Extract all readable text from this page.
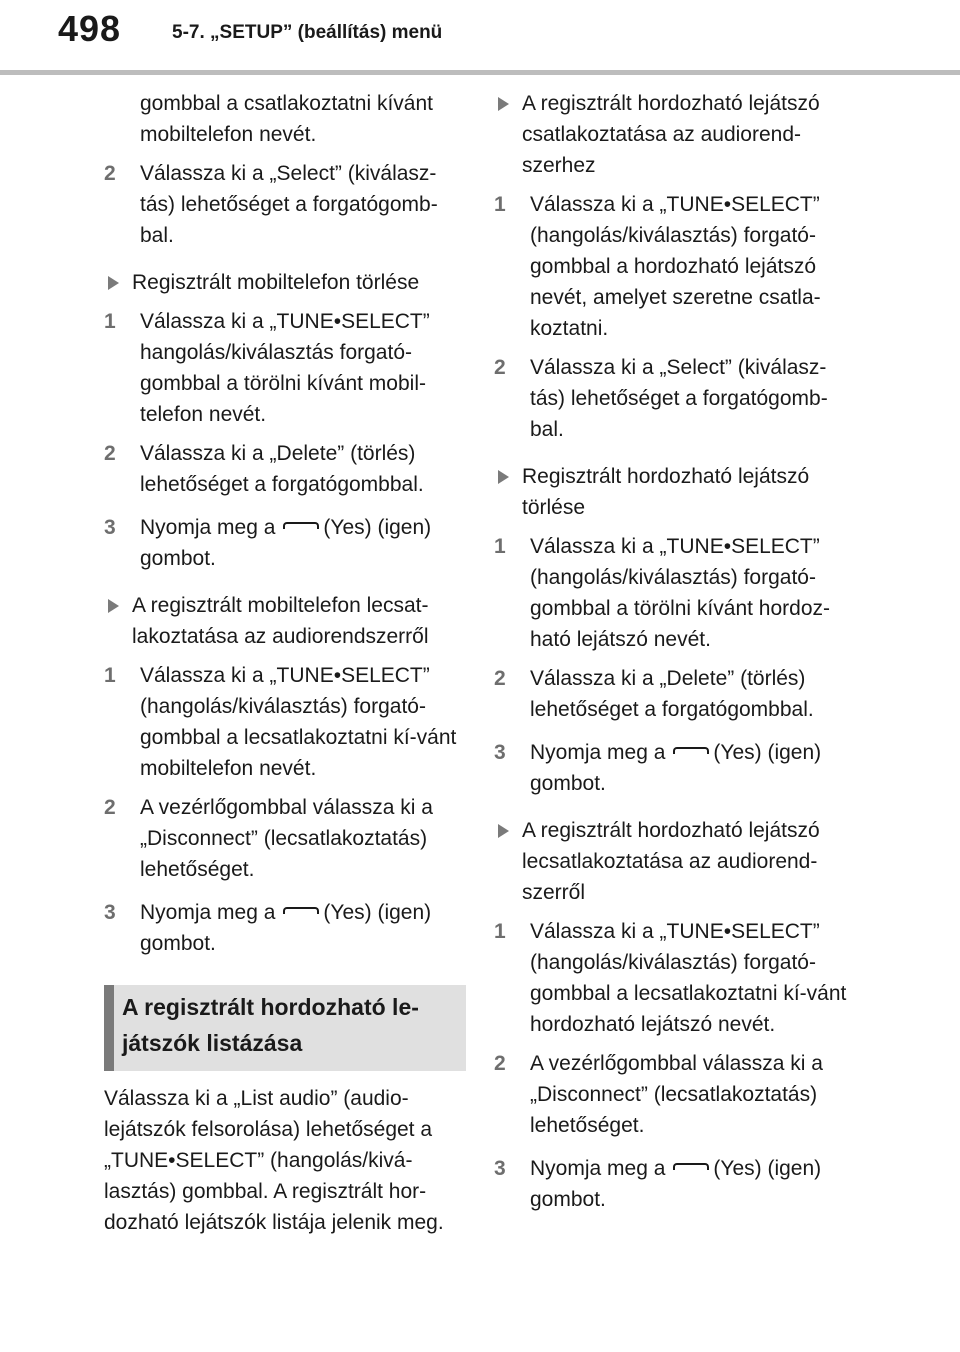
498	5-7. „SETUP” (beállítás) menü

gombbal a csatlakoztatni kívánt mobiltelefon nevét.

2 Válassza ki a „Select” (kiválasz-tás) lehetőséget a forgatógomb-bal.
Regisztrált mobiltelefon törlése
1 Válassza ki a „TUNE•SELECT” hangolás/kiválasztás forgató-gombbal a törölni kívánt mobil-telefon nevét.
2 Válassza ki a „Delete” (törlés) lehetőséget a forgatógombbal.
3 Nyomja meg a (Yes) (igen) gombot.
A regisztrált mobiltelefon lecsat-lakoztatása az audiorendszerről
1 Válassza ki a „TUNE•SELECT” (hangolás/kiválasztás) forgató-gombbal a lecsatlakoztatni kí-vánt mobiltelefon nevét.
2 A vezérlőgombbal válassza ki a „Disconnect” (lecsatlakoztatás) lehetőséget.
3 Nyomja meg a (Yes) (igen) gombot.
A regisztrált hordozható le-játszók listázása

Válassza ki a „List audio” (audio-lejátszók felsorolása) lehetőséget a „TUNE•SELECT” (hangolás/kivá-lasztás) gombbal. A regisztrált hor-dozható lejátszók listája jelenik meg.

A regisztrált hordozható lejátszó csatlakoztatása az audiorend-szerhez
1 Válassza ki a „TUNE•SELECT” (hangolás/kiválasztás) forgató-gombbal a hordozható lejátszó nevét, amelyet szeretne csatla-koztatni.
2 Válassza ki a „Select” (kiválasz-tás) lehetőséget a forgatógomb-bal.
Regisztrált hordozható lejátszó törlése
1 Válassza ki a „TUNE•SELECT” (hangolás/kiválasztás) forgató-gombbal a törölni kívánt hordoz-ható lejátszó nevét.
2 Válassza ki a „Delete” (törlés) lehetőséget a forgatógombbal.
3 Nyomja meg a (Yes) (igen) gombot.
A regisztrált hordozható lejátszó lecsatlakoztatása az audiorend-szerről
1 Válassza ki a „TUNE•SELECT” (hangolás/kiválasztás) forgató-gombbal a lecsatlakoztatni kí-vánt hordozható lejátszó nevét.
2 A vezérlőgombbal válassza ki a „Disconnect” (lecsatlakoztatás) lehetőséget.
3 Nyomja meg a (Yes) (igen) gombot.
